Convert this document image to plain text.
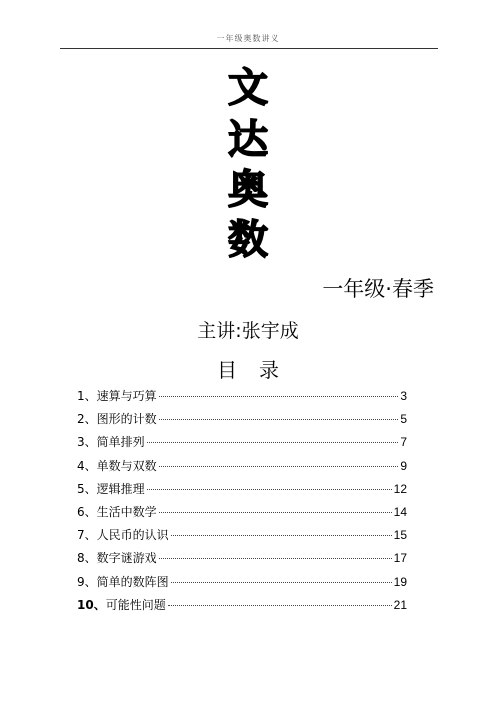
一年级奥数讲义
文
达
奥
数
一年级·春季
主讲:张宇成
目录
1、 速算与巧算	3
2、 图形的计数	5
3、 简单排列	7
4、 单数与双数	9
5、 逻辑推理	12
6、 生活中数学	14
7、 人民币的认识	15
8、 数字谜游戏	17
9、 简单的数阵图	19
10、 可能性问题	21
